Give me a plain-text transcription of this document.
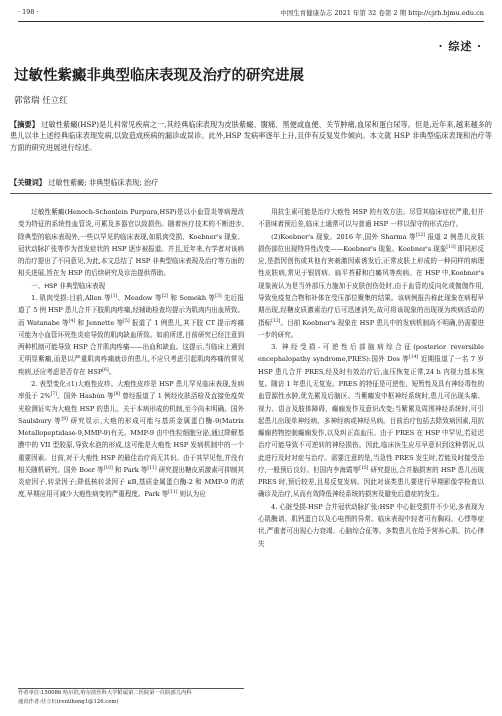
· 198 ·	中国生育健康杂志 2021 年第 32 卷第 2 期 http://cjrh.bjmu.edu.cn
· 综述 ·
过敏性紫癜非典型临床表现及治疗的研究进展
郭常瑞 任立红
【摘要】 过敏性紫癜(HSP)是儿科常见疾病之一,其经典临床表现为皮肤紫癜、腹痛、黑便或血便、关节肿痛,血尿和蛋白尿等。但是,近年来,越来越多的患儿以非上述经典临床表现发病,以致造成疾病的漏诊或误诊。此外,HSP 发病率逐年上升,且伴有反复发作倾向。本文就 HSP 非典型临床表现和治疗等方面的研究进展进行综述。
【关键词】 过敏性紫癜; 非典型临床表现; 治疗

过敏性紫癜(Henoch-Schonlein Purpura,HSP)是以小血管炎等病理改变为特征的系统性血管炎,可累及多器官以致损伤。随着医疗技术的不断进步,除典型的临床表现外,一些以罕见的临床表现,如肌肉受损、Koebner's 现象、冠状动脉扩张等作为首发症状的 HSP 逐步被报道。并且,近年来,有学者对该病的治疗提出了不同意见,为此,本文总结了 HSP 非典型临床表现及治疗等方面的相关进展,旨在为 HSP 的后续研究及诊治提供帮助。

一、HSP 非典型临床表现

1. 肌肉受损:目前,Allen 等[1]、Meadow 等[2] 和 Somekh 等[3] 先后报道了 5 例 HSP 患儿合并下肢肌肉疼痛,经辅助检查均提示为肌肉内出血所致。而 Watanabe 等[4] 和 Jennette 等[5] 报道了 1 例患儿,其下肢 CT 提示疼痛可能为小血管坏死性炎症导致的肌肉缺血所致。如前所述,目前研究已经注意到两种机制可能导致 HSP 合并肌肉疼痛——出血和缺血。这提示,当临床上遇到无明显紫癜,而是以严重肌肉疼痛就诊的患儿,不应只考虑引起肌肉疼痛的常见疾病,还应考虑是否存在 HSP[6]。

2. 表型变化:(1)大疱性皮疹。大疱性皮疹是 HSP 患儿罕见临床表现,发病率低于 2%[7]。国外 Hasbún 等[8] 曾经报道了 1 例经皮肤活检及直接免疫荧光检测证实为大疱性 HSP 的患儿。关于本病形成的机制,至今尚未明确。国外 Saulsbury 等[9] 研究显示,大疱的形成可能与基质金属蛋白酶-9(Matrix Metallopeptidase-9,MMP-9)有关。MMP-9 由中性粒细胞分泌,通过降解基膜中的 VII 型胶原,导致水泡的形成,这可能是大疱性 HSP 发病机制中的一个重要因素。目前,对于大疱性 HSP 的最佳治疗尚无共识。由于其罕见性,并没有相关随机研究。国外 Boer 等[10] 和 Park 等[11] 研究提出糖皮质激素可抑制其炎症因子,转录因子;降低核转录因子 κB,基质金属蛋白酶-2 和 MMP-9 的浓度,早期应用可减少大疱性病变的严重程度。Park 等[11] 则认为应

用抗生素可能是治疗大疱性 HSP 的有效方法。尽管其临床症状严重,但并不意味着预后差,临床上通常可以与普通 HSP 一样以保守的形式治疗。

(2)Koebner's 现象。2016 年,国外 Sharma 等[12] 报道 2 例患儿皮肤损伤部位出现特异性改变——Koebner's 现象。Koebner's 现象[13] 即同形反应,是指因创伤或其他有害刺激因素诱发后,正常皮肤上形成的一种同样的病理性皮肤病,常见于银屑病、扁平苔藓和白癜风等疾病。在 HSP 中,Koebner's 现象被认为是当外部压力施加于皮肤创伤处时,由于血管的反向化或伽伽作用,导致免疫复合物和补体在受压部位聚集的结果。该病例报告称此现象在病程早期出现,经糖皮质激素治疗后可迅速消失,故可将该现象的出现视为疾病活动的指标[12]。目前 Koebner's 现象在 HSP 患儿中的发病机制尚不明确,仍需要进一步的研究。

3. 神经受损-可逆性后部脑病综合征(posterior reversible encephalopathy syndrome,PRES):国外 Dos 等[14] 近期报道了一名 7 岁 HSP 患儿合并 PRES,经及时有效治疗后,血压恢复正常,24 h 内视力基本恢复。随访 1 年患儿无复发。PRES 的特征是可逆性、短暂性及具有神经毒性的血管源性水肿,优先累及后脑区。当紫癜发中枢神经系统时,患儿可出现头痛、视力、语言及肢体障碍、癫痫发作及意识改变;当紫累及周围神经系统时,可引起患儿出现单神经病、多神经病或神经丛病。目前治疗包括去除致病因素,用抗癫痫药物控制癫痫发作,以及纠正高血压。由于 PRES 在 HSP 中罕见,若延迟治疗可能导致不可逆转的神经损伤。因此,临床医生应尽早意识到这种情况,以此进行及时对症与治疗。需要注意的是,当急性 PRES 发生时,若能及时接受治疗,一般预后良好。但国内李海霞等[15] 研究提出,合并脑损害的 HSP 患儿出现 PRES 时,预后较差,且易反复发病。因此对该类患儿要进行早期影像学检查以确诊及治疗,从而有效降低神经系统的损害及避免后遗症的发生。

4. 心脏受损-HSP 合并冠状动脉扩张:HSP 中心脏受损并不少见,多表现为心肌酶谱、肌钙蛋白以及心电图的异常。临床表现中轻者可有胸闷、心悸等症状,严重者可出现心力衰竭、心脑综合征等。多数患儿在给予营养心肌、抗心律失

作者单位:150086 哈尔滨,哈尔滨医科大学附属第二医院第一住院部儿内科
通讯作者:任立红(renlihong1@126.com)
